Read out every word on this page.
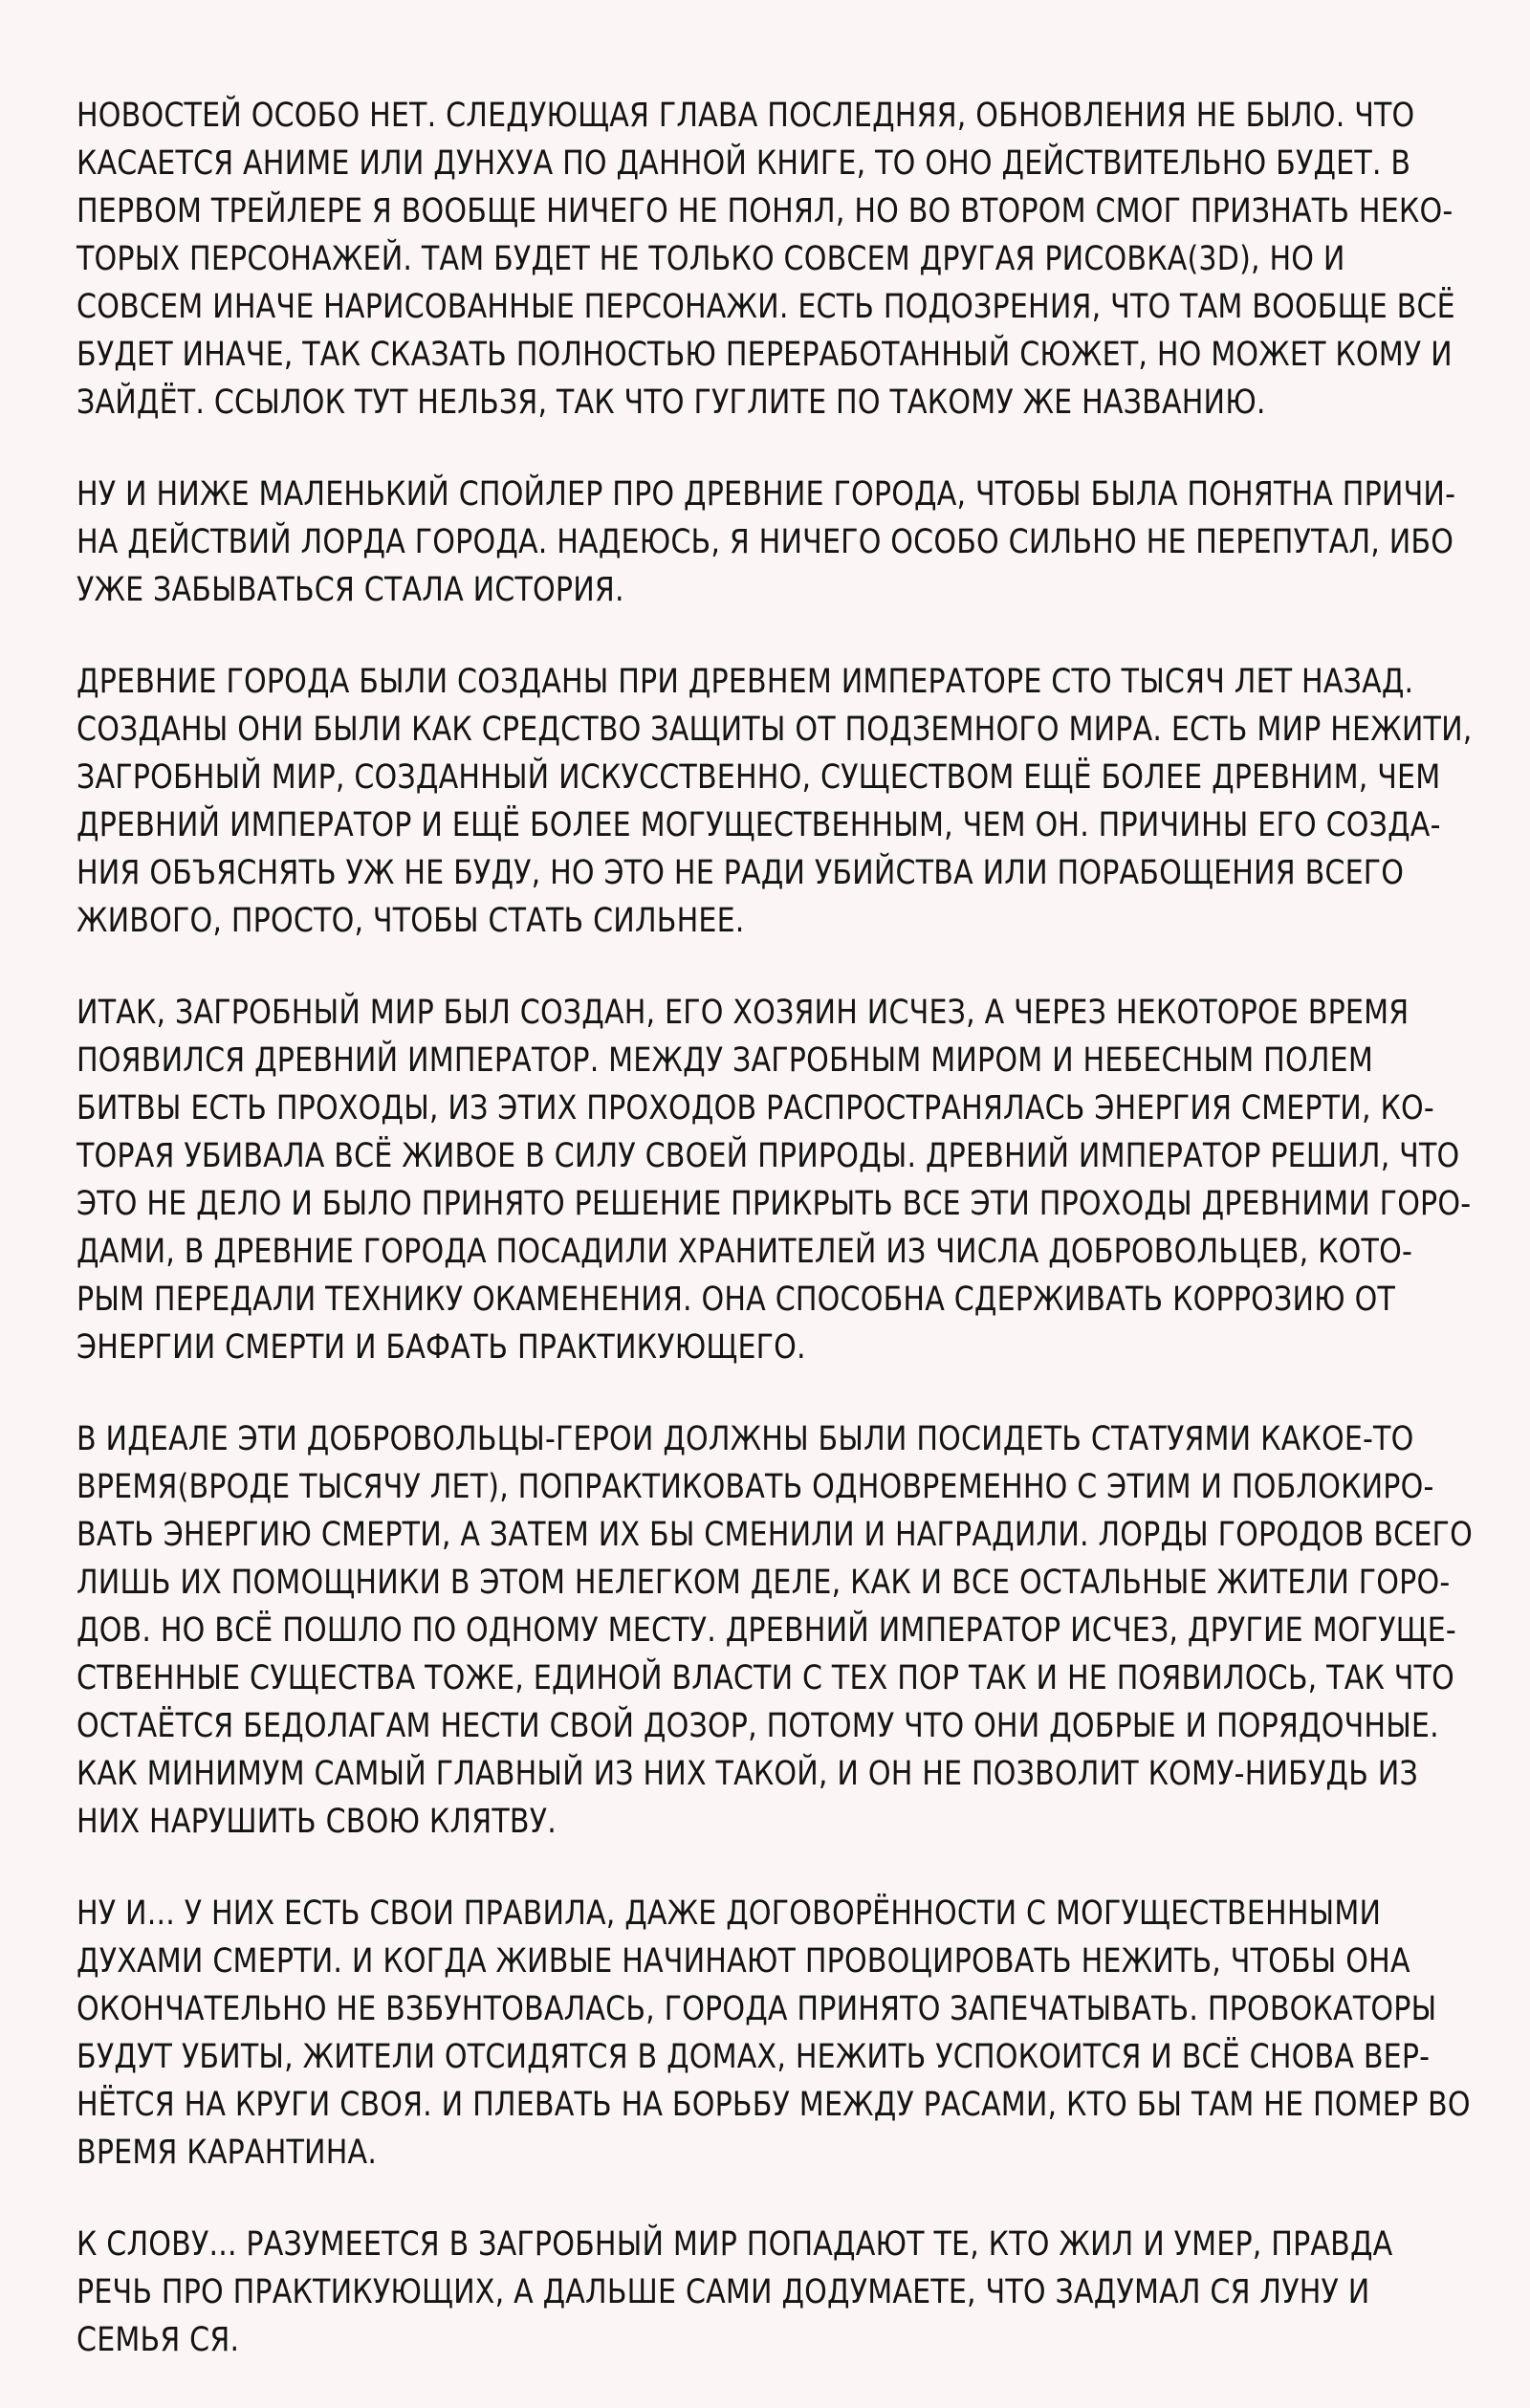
НОВОСТЕЙ ОСОБО НЕТ. СЛЕДУЮЩАЯ ГЛАВА ПОСЛЕДНЯЯ, ОБНОВЛЕНИЯ НЕ БЫЛО. ЧТО
КАСАЕТСЯ АНИМЕ ИЛИ ДУНХУА ПО ДАННОЙ КНИГЕ, ТО ОНО ДЕЙСТВИТЕЛЬНО БУДЕТ. В
ПЕРВОМ ТРЕЙЛЕРЕ Я ВООБЩЕ НИЧЕГО НЕ ПОНЯЛ, НО ВО ВТОРОМ СМОГ ПРИЗНАТЬ НЕКО-
ТОРЫХ ПЕРСОНАЖЕЙ. ТАМ БУДЕТ НЕ ТОЛЬКО СОВСЕМ ДРУГАЯ РИСОВКА(3D), НО И
СОВСЕМ ИНАЧЕ НАРИСОВАННЫЕ ПЕРСОНАЖИ. ЕСТЬ ПОДОЗРЕНИЯ, ЧТО ТАМ ВООБЩЕ ВСЁ
БУДЕТ ИНАЧЕ, ТАК СКАЗАТЬ ПОЛНОСТЬЮ ПЕРЕРАБОТАННЫЙ СЮЖЕТ, НО МОЖЕТ КОМУ И
ЗАЙДЁТ. ССЫЛОК ТУТ НЕЛЬЗЯ, ТАК ЧТО ГУГЛИТЕ ПО ТАКОМУ ЖЕ НАЗВАНИЮ.
НУ И НИЖЕ МАЛЕНЬКИЙ СПОЙЛЕР ПРО ДРЕВНИЕ ГОРОДА, ЧТОБЫ БЫЛА ПОНЯТНА ПРИЧИ-
НА ДЕЙСТВИЙ ЛОРДА ГОРОДА. НАДЕЮСЬ, Я НИЧЕГО ОСОБО СИЛЬНО НЕ ПЕРЕПУТАЛ, ИБО
УЖЕ ЗАБЫВАТЬСЯ СТАЛА ИСТОРИЯ.
ДРЕВНИЕ ГОРОДА БЫЛИ СОЗДАНЫ ПРИ ДРЕВНЕМ ИМПЕРАТОРЕ СТО ТЫСЯЧ ЛЕТ НАЗАД.
СОЗДАНЫ ОНИ БЫЛИ КАК СРЕДСТВО ЗАЩИТЫ ОТ ПОДЗЕМНОГО МИРА. ЕСТЬ МИР НЕЖИТИ,
ЗАГРОБНЫЙ МИР, СОЗДАННЫЙ ИСКУССТВЕННО, СУЩЕСТВОМ ЕЩЁ БОЛЕЕ ДРЕВНИМ, ЧЕМ
ДРЕВНИЙ ИМПЕРАТОР И ЕЩЁ БОЛЕЕ МОГУЩЕСТВЕННЫМ, ЧЕМ ОН. ПРИЧИНЫ ЕГО СОЗДА-
НИЯ ОБЪЯСНЯТЬ УЖ НЕ БУДУ, НО ЭТО НЕ РАДИ УБИЙСТВА ИЛИ ПОРАБОЩЕНИЯ ВСЕГО
ЖИВОГО, ПРОСТО, ЧТОБЫ СТАТЬ СИЛЬНЕЕ.
ИТАК, ЗАГРОБНЫЙ МИР БЫЛ СОЗДАН, ЕГО ХОЗЯИН ИСЧЕЗ, А ЧЕРЕЗ НЕКОТОРОЕ ВРЕМЯ
ПОЯВИЛСЯ ДРЕВНИЙ ИМПЕРАТОР. МЕЖДУ ЗАГРОБНЫМ МИРОМ И НЕБЕСНЫМ ПОЛЕМ
БИТВЫ ЕСТЬ ПРОХОДЫ, ИЗ ЭТИХ ПРОХОДОВ РАСПРОСТРАНЯЛАСЬ ЭНЕРГИЯ СМЕРТИ, КО-
ТОРАЯ УБИВАЛА ВСЁ ЖИВОЕ В СИЛУ СВОЕЙ ПРИРОДЫ. ДРЕВНИЙ ИМПЕРАТОР РЕШИЛ, ЧТО
ЭТО НЕ ДЕЛО И БЫЛО ПРИНЯТО РЕШЕНИЕ ПРИКРЫТЬ ВСЕ ЭТИ ПРОХОДЫ ДРЕВНИМИ ГОРО-
ДАМИ, В ДРЕВНИЕ ГОРОДА ПОСАДИЛИ ХРАНИТЕЛЕЙ ИЗ ЧИСЛА ДОБРОВОЛЬЦЕВ, КОТО-
РЫМ ПЕРЕДАЛИ ТЕХНИКУ ОКАМЕНЕНИЯ. ОНА СПОСОБНА СДЕРЖИВАТЬ КОРРОЗИЮ ОТ
ЭНЕРГИИ СМЕРТИ И БАФАТЬ ПРАКТИКУЮЩЕГО.
В ИДЕАЛЕ ЭТИ ДОБРОВОЛЬЦЫ-ГЕРОИ ДОЛЖНЫ БЫЛИ ПОСИДЕТЬ СТАТУЯМИ КАКОЕ-ТО
ВРЕМЯ(ВРОДЕ ТЫСЯЧУ ЛЕТ), ПОПРАКТИКОВАТЬ ОДНОВРЕМЕННО С ЭТИМ И ПОБЛОКИРО-
ВАТЬ ЭНЕРГИЮ СМЕРТИ, А ЗАТЕМ ИХ БЫ СМЕНИЛИ И НАГРАДИЛИ. ЛОРДЫ ГОРОДОВ ВСЕГО
ЛИШЬ ИХ ПОМОЩНИКИ В ЭТОМ НЕЛЕГКОМ ДЕЛЕ, КАК И ВСЕ ОСТАЛЬНЫЕ ЖИТЕЛИ ГОРО-
ДОВ. НО ВСЁ ПОШЛО ПО ОДНОМУ МЕСТУ. ДРЕВНИЙ ИМПЕРАТОР ИСЧЕЗ, ДРУГИЕ МОГУЩЕ-
СТВЕННЫЕ СУЩЕСТВА ТОЖЕ, ЕДИНОЙ ВЛАСТИ С ТЕХ ПОР ТАК И НЕ ПОЯВИЛОСЬ, ТАК ЧТО
ОСТАЁТСЯ БЕДОЛАГАМ НЕСТИ СВОЙ ДОЗОР, ПОТОМУ ЧТО ОНИ ДОБРЫЕ И ПОРЯДОЧНЫЕ.
КАК МИНИМУМ САМЫЙ ГЛАВНЫЙ ИЗ НИХ ТАКОЙ, И ОН НЕ ПОЗВОЛИТ КОМУ-НИБУДЬ ИЗ
НИХ НАРУШИТЬ СВОЮ КЛЯТВУ.
НУ И... У НИХ ЕСТЬ СВОИ ПРАВИЛА, ДАЖЕ ДОГОВОРЁННОСТИ С МОГУЩЕСТВЕННЫМИ
ДУХАМИ СМЕРТИ. И КОГДА ЖИВЫЕ НАЧИНАЮТ ПРОВОЦИРОВАТЬ НЕЖИТЬ, ЧТОБЫ ОНА
ОКОНЧАТЕЛЬНО НЕ ВЗБУНТОВАЛАСЬ, ГОРОДА ПРИНЯТО ЗАПЕЧАТЫВАТЬ. ПРОВОКАТОРЫ
БУДУТ УБИТЫ, ЖИТЕЛИ ОТСИДЯТСЯ В ДОМАХ, НЕЖИТЬ УСПОКОИТСЯ И ВСЁ СНОВА ВЕР-
НЁТСЯ НА КРУГИ СВОЯ. И ПЛЕВАТЬ НА БОРЬБУ МЕЖДУ РАСАМИ, КТО БЫ ТАМ НЕ ПОМЕР ВО
ВРЕМЯ КАРАНТИНА.
К СЛОВУ... РАЗУМЕЕТСЯ В ЗАГРОБНЫЙ МИР ПОПАДАЮТ ТЕ, КТО ЖИЛ И УМЕР, ПРАВДА
РЕЧЬ ПРО ПРАКТИКУЮЩИХ, А ДАЛЬШЕ САМИ ДОДУМАЕТЕ, ЧТО ЗАДУМАЛ СЯ ЛУНУ И
СЕМЬЯ СЯ.
